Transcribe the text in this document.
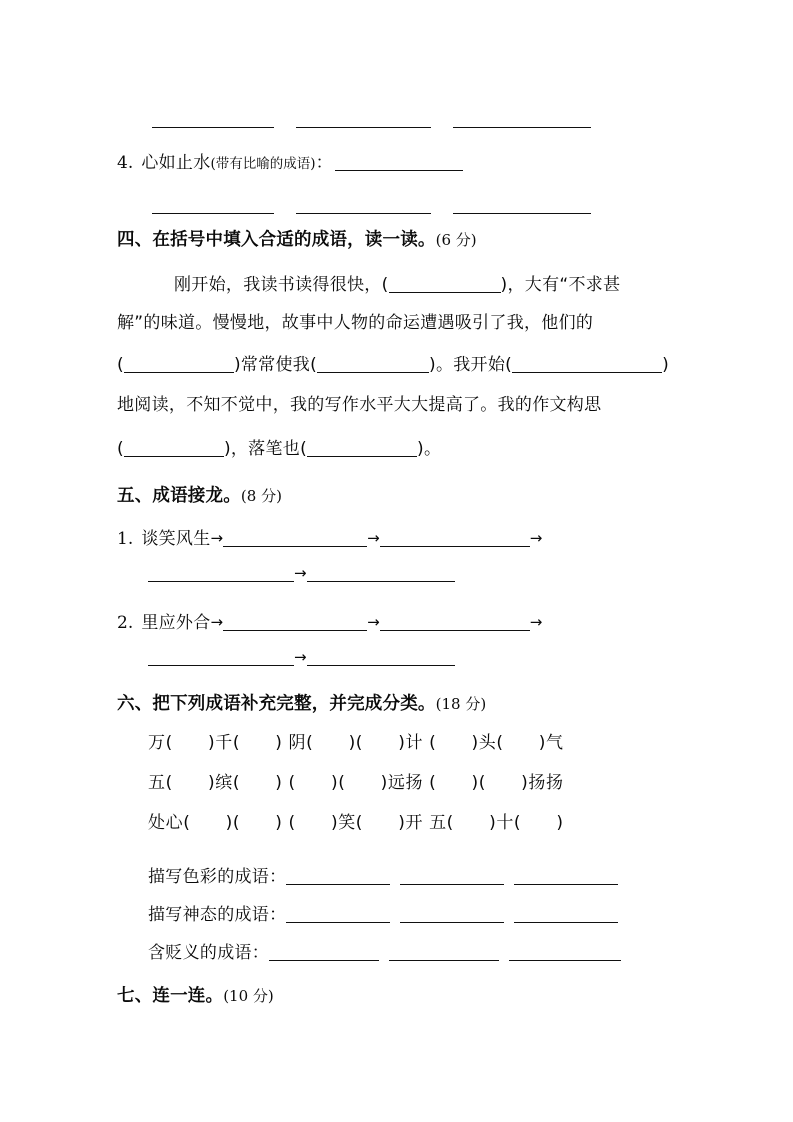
4. 心如止水(带有比喻的成语)：

四、在括号中填入合适的成语，读一读。(6 分)
刚开始，我读书读得很快，(	)，大有“不求甚
解”的味道。慢慢地，故事中人物的命运遭遇吸引了我，他们的
(	)常常使我(	)。我开始(	)
地阅读，不知不觉中，我的写作水平大大提高了。我的作文构思
(	)，落笔也(	)。
五、成语接龙。(8 分)
1. 谈笑风生→	→	→
→
2. 里应外合→	→	→
→
六、把下列成语补充完整，并完成分类。(18 分)
万(　　)千(　　) 阴(　　)(　　)计 (　　)头(　　)气
五(　　)缤(　　) (　　)(　　)远扬 (　　)(　　)扬扬
处心(　　)(　　) (　　)笑(　　)开 五(　　)十(　　)
描写色彩的成语：
描写神态的成语：
含贬义的成语：
七、连一连。(10 分)
